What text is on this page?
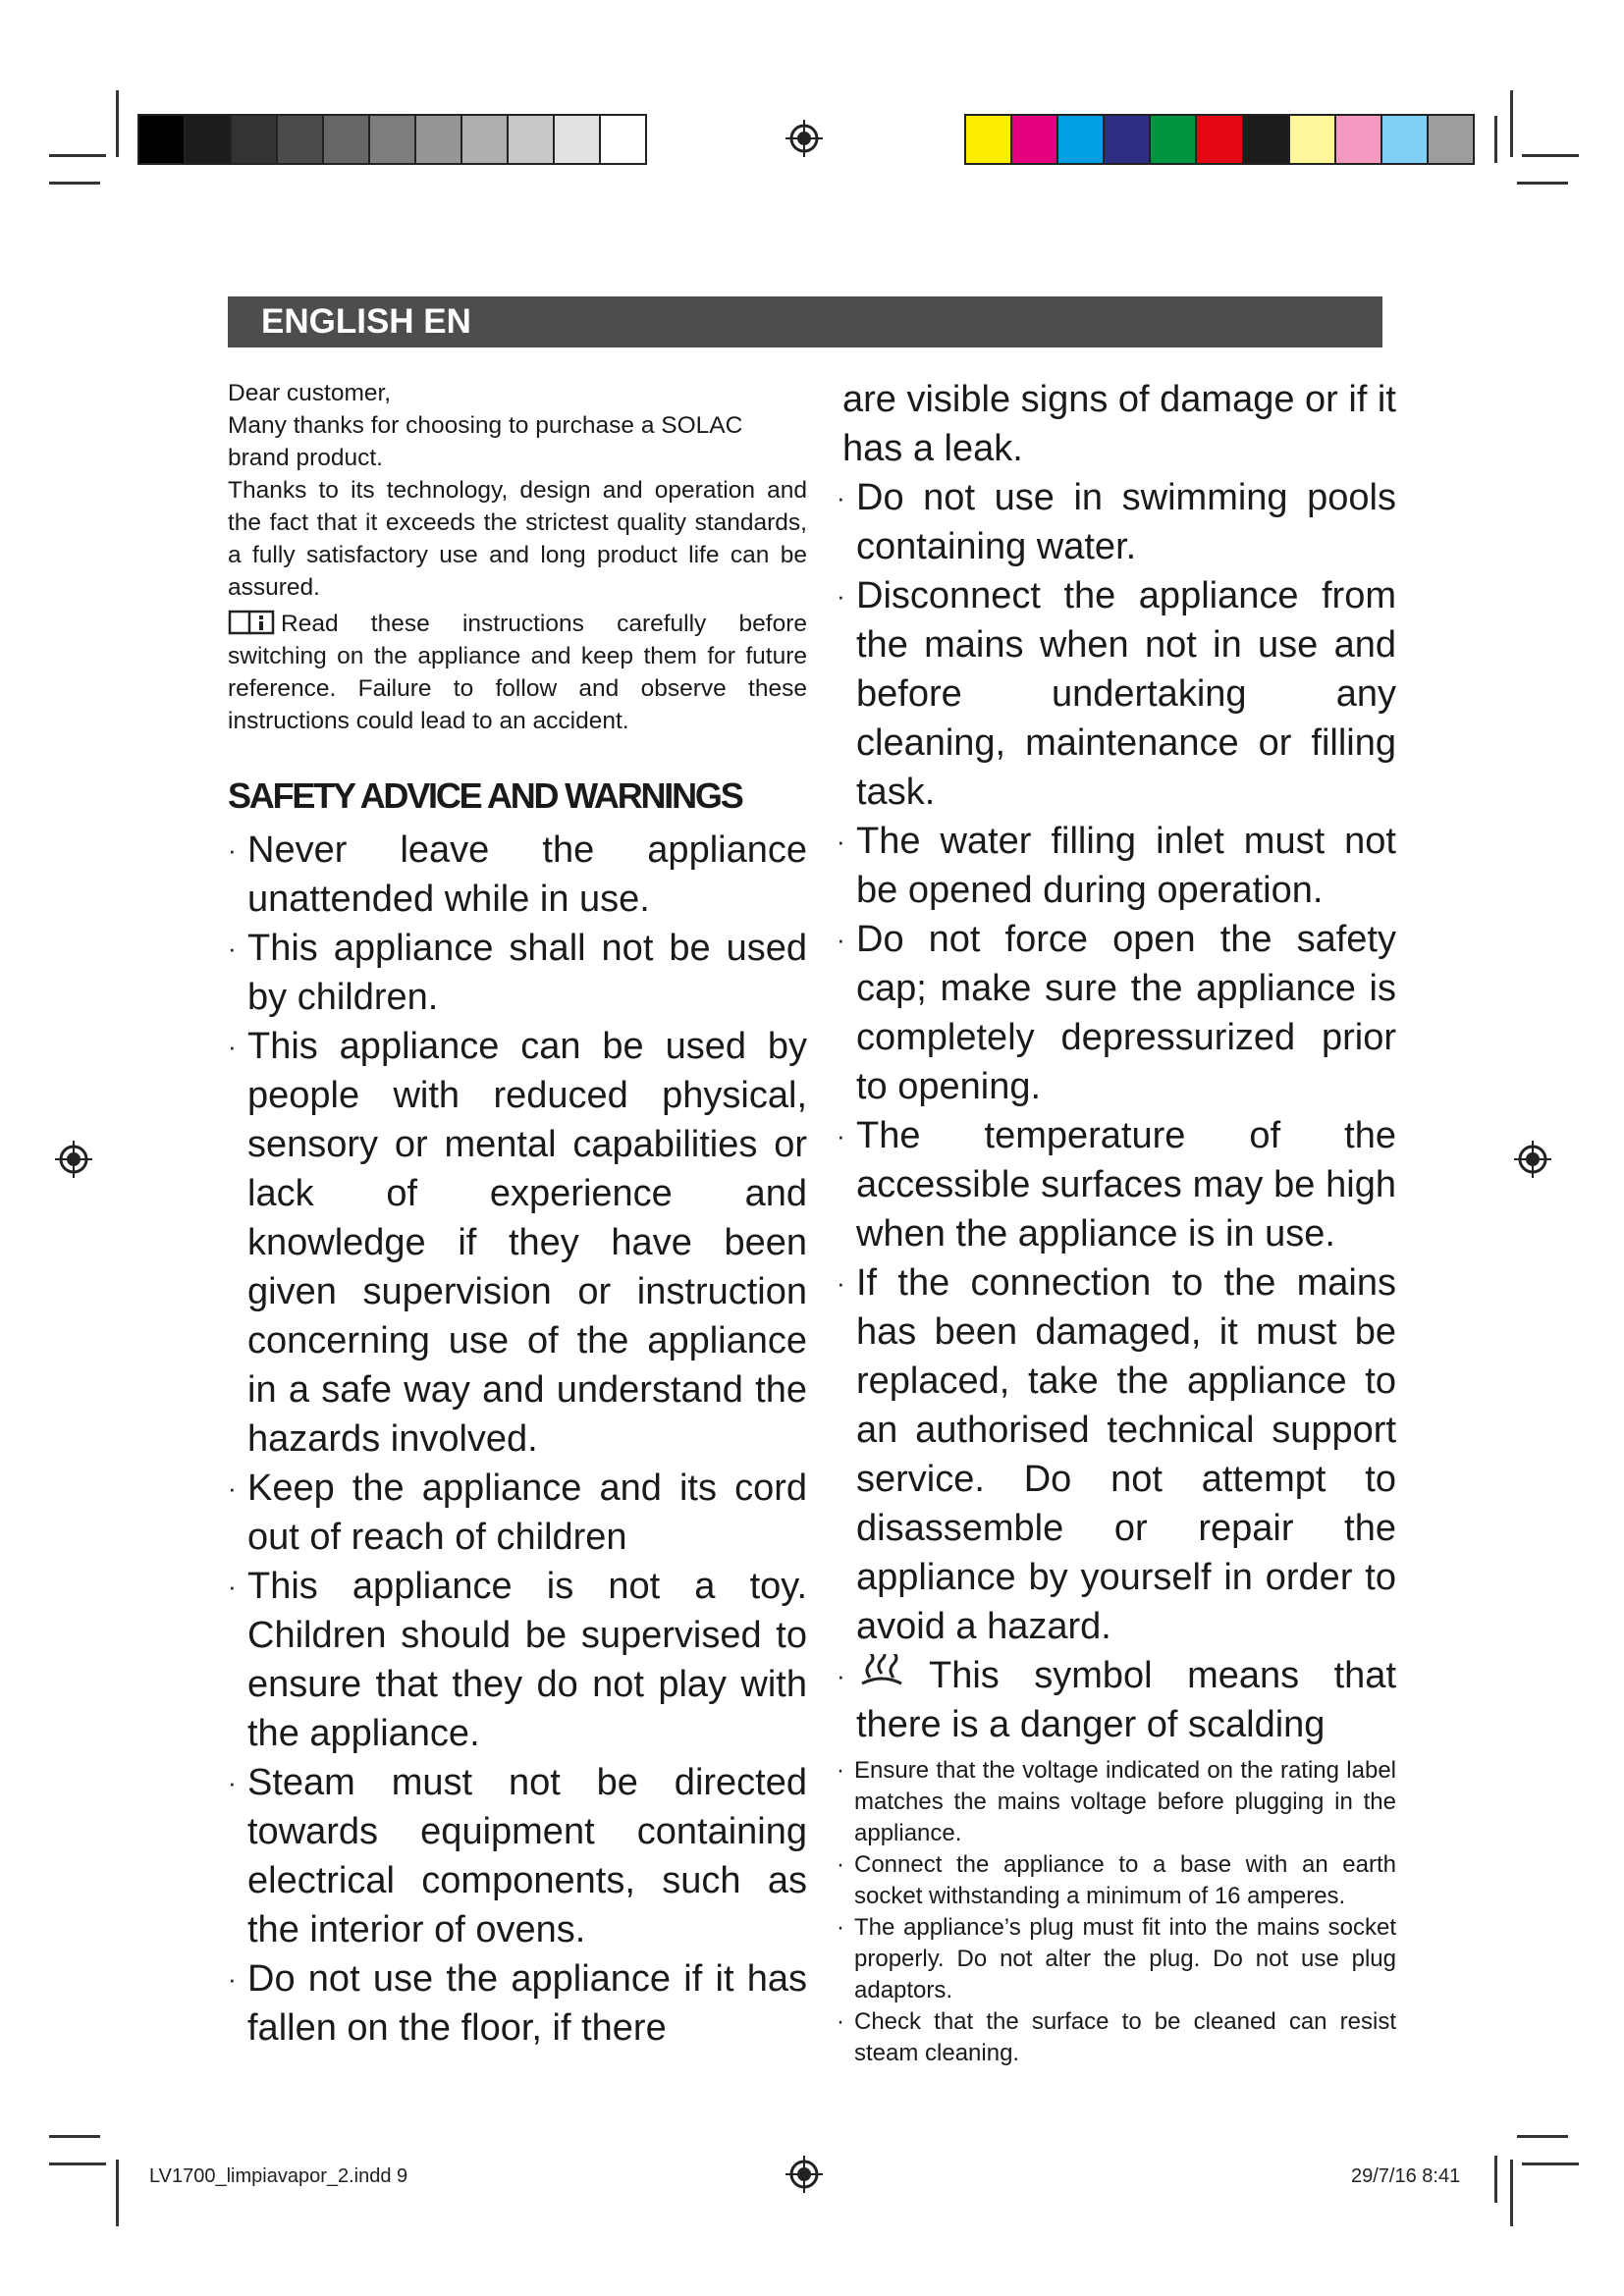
ENGLISH EN

Dear customer,

Many thanks for choosing to purchase a SOLAC brand product.

Thanks to its technology, design and operation and the fact that it exceeds the strictest quality standards, a fully satisfactory use and long product life can be assured.

Read these instructions carefully before switching on the appliance and keep them for future reference. Failure to follow and observe these instructions could lead to an accident.
SAFETY ADVICE AND WARNINGS
· Never leave the appliance unattended while in use.
· This appliance shall not be used by children.
· This appliance can be used by people with reduced physical, sensory or mental capabilities or lack of experience and knowledge if they have been given supervision or instruction concerning use of the appliance in a safe way and understand the hazards involved.
· Keep the appliance and its cord out of reach of children
· This appliance is not a toy. Children should be supervised to ensure that they do not play with the appliance.
· Steam must not be directed towards equipment containing electrical components, such as the interior of ovens.
· Do not use the appliance if it has fallen on the floor, if there
are visible signs of damage or if it has a leak.
· Do not use in swimming pools containing water.
· Disconnect the appliance from the mains when not in use and before undertaking any cleaning, maintenance or filling task.
· The water filling inlet must not be opened during operation.
· Do not force open the safety cap; make sure the appliance is completely depressurized prior to opening.
· The temperature of the accessible surfaces may be high when the appliance is in use.
· If the connection to the mains has been damaged, it must be replaced, take the appliance to an authorised technical support service. Do not attempt to disassemble or repair the appliance by yourself in order to avoid a hazard.
· This symbol means that there is a danger of scalding
· Ensure that the voltage indicated on the rating label matches the mains voltage before plugging in the appliance.
· Connect the appliance to a base with an earth socket withstanding a minimum of 16 amperes.
· The appliance’s plug must fit into the mains socket properly. Do not alter the plug. Do not use plug adaptors.
· Check that the surface to be cleaned can resist steam cleaning.
LV1700_limpiavapor_2.indd 9	29/7/16 8:41
